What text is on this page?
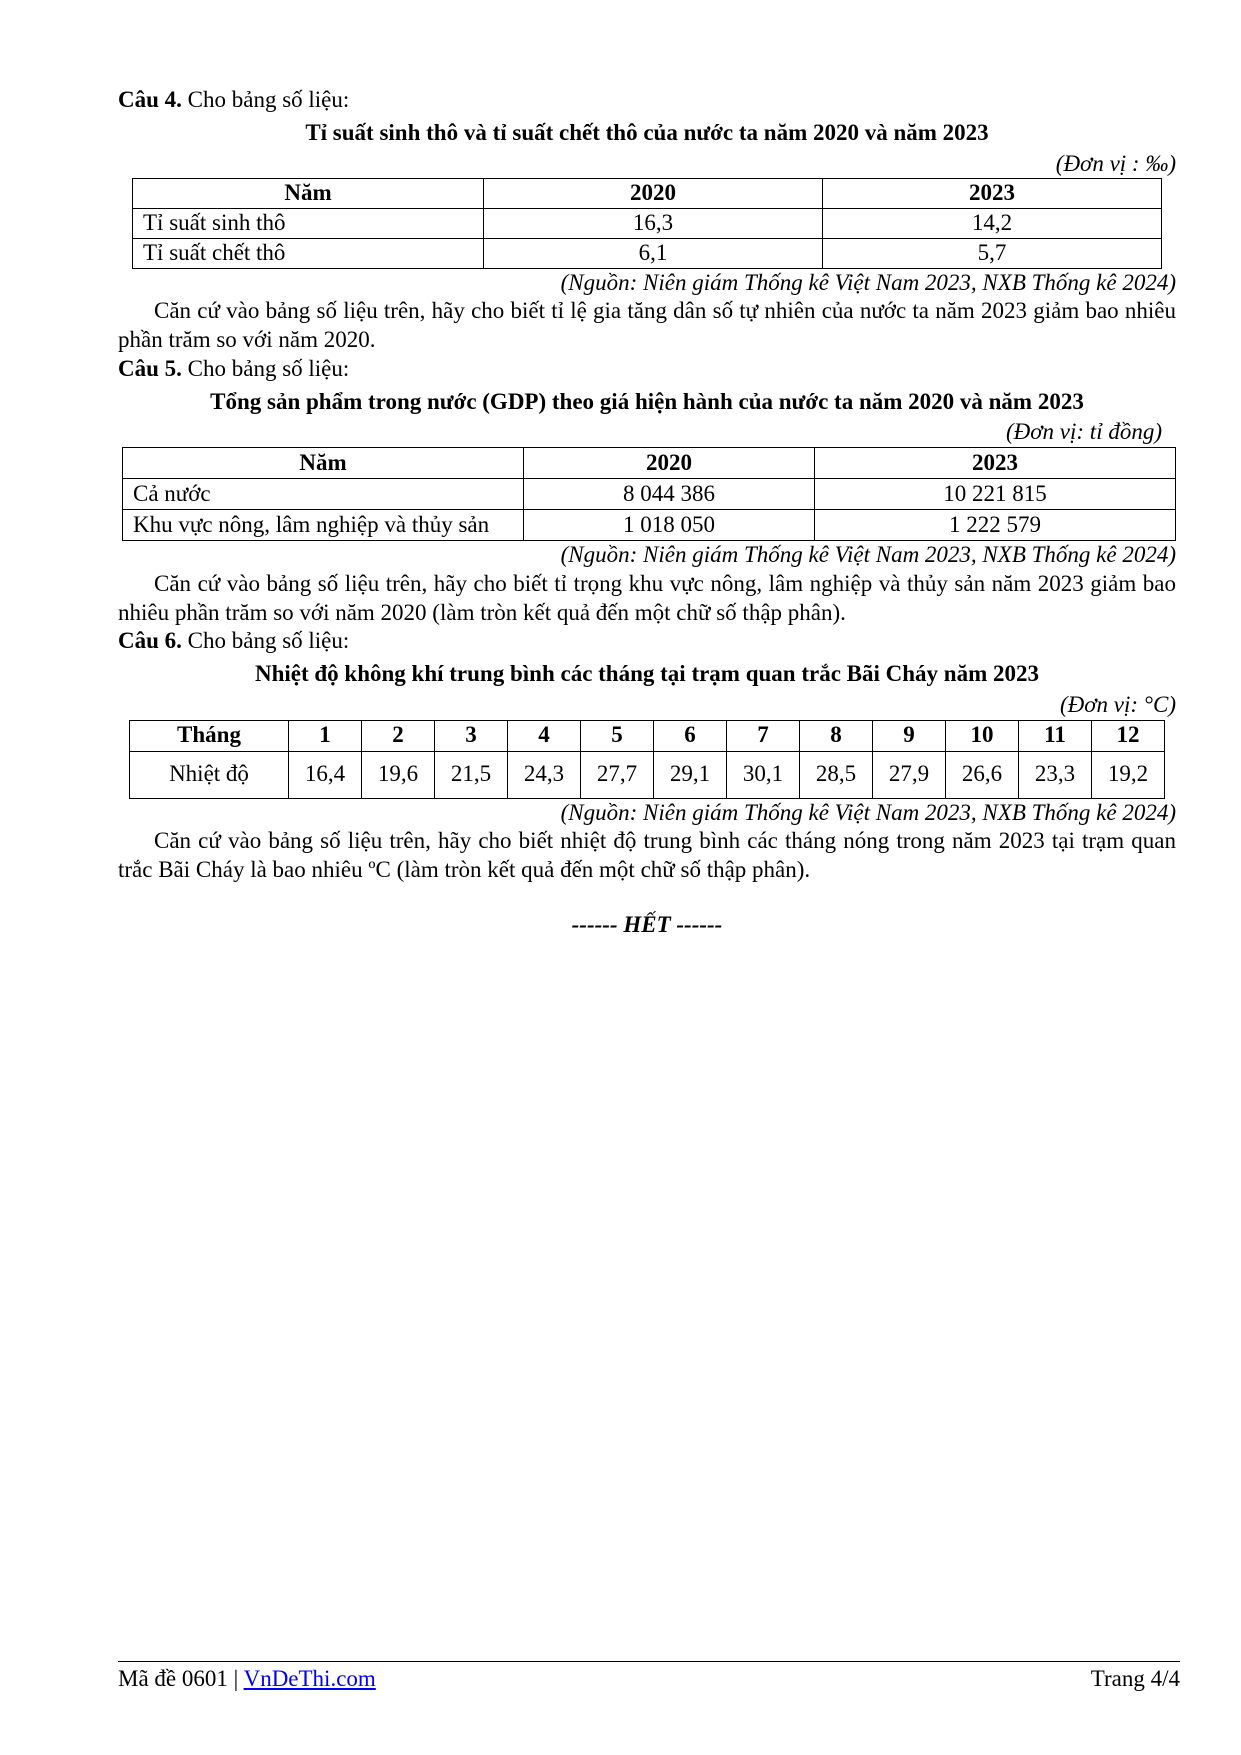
Câu 4. Cho bảng số liệu:

Tỉ suất sinh thô và tỉ suất chết thô của nước ta năm 2020 và năm 2023

(Đơn vị : ‰)

Năm	2020	2023
Tỉ suất sinh thô	16,3	14,2
Tỉ suất chết thô	6,1	5,7

(Nguồn: Niên giám Thống kê Việt Nam 2023, NXB Thống kê 2024)

Căn cứ vào bảng số liệu trên, hãy cho biết tỉ lệ gia tăng dân số tự nhiên của nước ta năm 2023 giảm bao nhiêu phần trăm so với năm 2020.

Câu 5. Cho bảng số liệu:

Tổng sản phẩm trong nước (GDP) theo giá hiện hành của nước ta năm 2020 và năm 2023

(Đơn vị: tỉ đồng)

Năm	2020	2023
Cả nước	8 044 386	10 221 815
Khu vực nông, lâm nghiệp và thủy sản	1 018 050	1 222 579

(Nguồn: Niên giám Thống kê Việt Nam 2023, NXB Thống kê 2024)

Căn cứ vào bảng số liệu trên, hãy cho biết tỉ trọng khu vực nông, lâm nghiệp và thủy sản năm 2023 giảm bao nhiêu phần trăm so với năm 2020 (làm tròn kết quả đến một chữ số thập phân).

Câu 6. Cho bảng số liệu:

Nhiệt độ không khí trung bình các tháng tại trạm quan trắc Bãi Cháy năm 2023

(Đơn vị: °C)

Tháng	1	2	3	4	5	6	7	8	9	10	11	12
Nhiệt độ	16,4	19,6	21,5	24,3	27,7	29,1	30,1	28,5	27,9	26,6	23,3	19,2

(Nguồn: Niên giám Thống kê Việt Nam 2023, NXB Thống kê 2024)

Căn cứ vào bảng số liệu trên, hãy cho biết nhiệt độ trung bình các tháng nóng trong năm 2023 tại trạm quan trắc Bãi Cháy là bao nhiêu ºC (làm tròn kết quả đến một chữ số thập phân).

------ HẾT ------

Mã đề 0601 | VnDeThi.com	Trang 4/4
